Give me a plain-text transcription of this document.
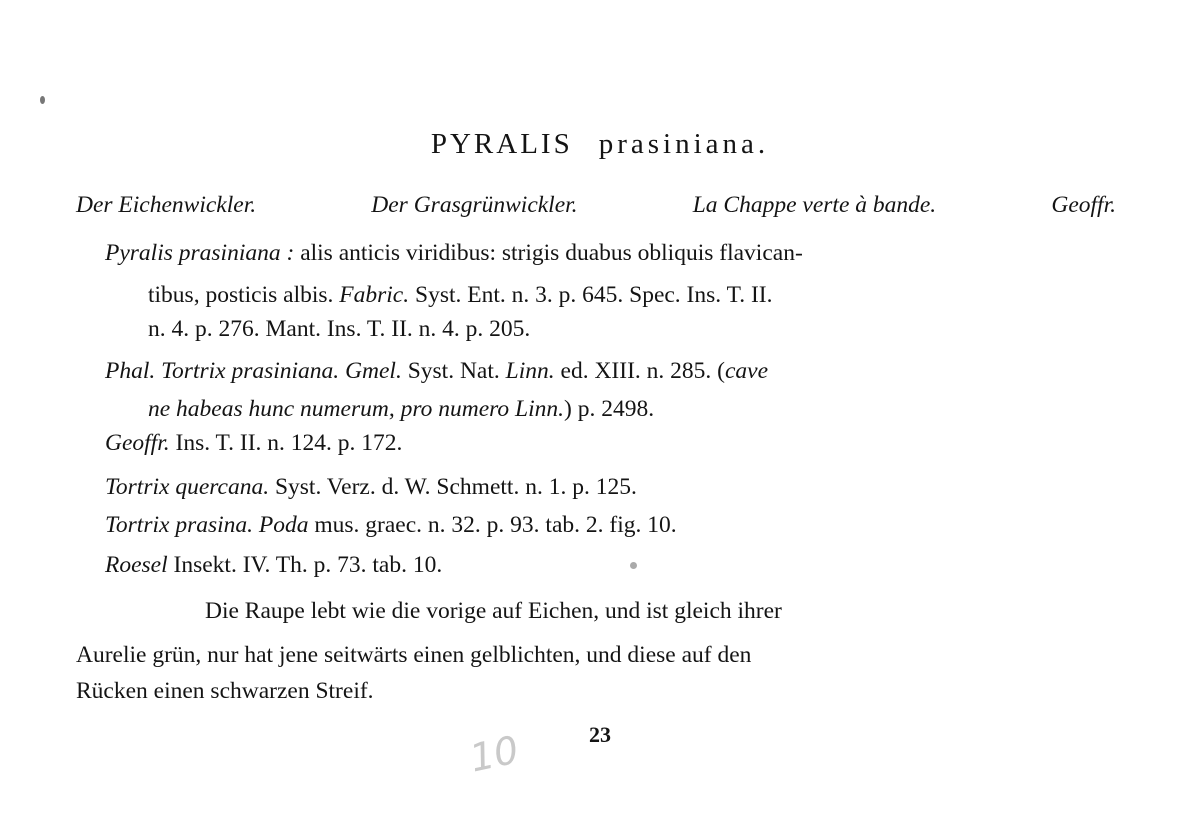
PYRALIS prasiniana.
Der Eichenwickler.	Der Grasgrünwickler.	La Chappe verte à bande.	Geoffr.
Pyralis prasiniana : alis anticis viridibus: strigis duabus obliquis flavican-
tibus, posticis albis. Fabric. Syst. Ent. n. 3. p. 645. Spec. Ins. T. II.
n. 4. p. 276. Mant. Ins. T. II. n. 4. p. 205.
Phal. Tortrix prasiniana. Gmel. Syst. Nat. Linn. ed. XIII. n. 285. (cave
ne habeas hunc numerum, pro numero Linn.) p. 2498.
Geoffr. Ins. T. II. n. 124. p. 172.
Tortrix quercana. Syst. Verz. d. W. Schmett. n. 1. p. 125.
Tortrix prasina. Poda mus. graec. n. 32. p. 93. tab. 2. fig. 10.
Roesel Insekt. IV. Th. p. 73. tab. 10.
Die Raupe lebt wie die vorige auf Eichen, und ist gleich ihrer
Aurelie grün, nur hat jene seitwärts einen gelblichten, und diese auf den
Rücken einen schwarzen Streif.
23
10
